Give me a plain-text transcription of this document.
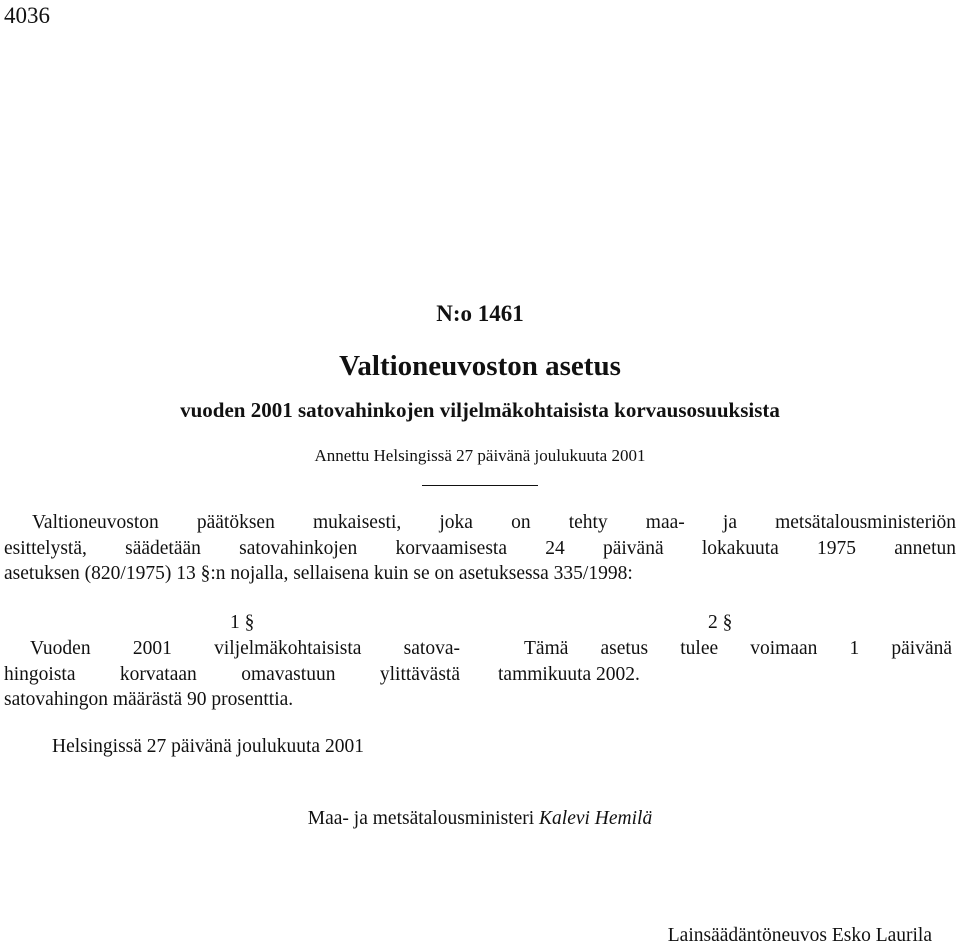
4036
N:o 1461
Valtioneuvoston asetus
vuoden 2001 satovahinkojen viljelmäkohtaisista korvausosuuksista
Annettu Helsingissä 27 päivänä joulukuuta 2001
Valtioneuvoston päätöksen mukaisesti, joka on tehty maa- ja metsätalousministeriön
esittelystä, säädetään satovahinkojen korvaamisesta 24 päivänä lokakuuta 1975 annetun
asetuksen (820/1975) 13 §:n nojalla, sellaisena kuin se on asetuksessa 335/1998:
1 §
Vuoden 2001 viljelmäkohtaisista satova-
hingoista korvataan omavastuun ylittävästä
satovahingon määrästä 90 prosenttia.
2 §
Tämä asetus tulee voimaan 1 päivänä
tammikuuta 2002.
Helsingissä 27 päivänä joulukuuta 2001
Maa- ja metsätalousministeri Kalevi Hemilä
Lainsäädäntöneuvos Esko Laurila
